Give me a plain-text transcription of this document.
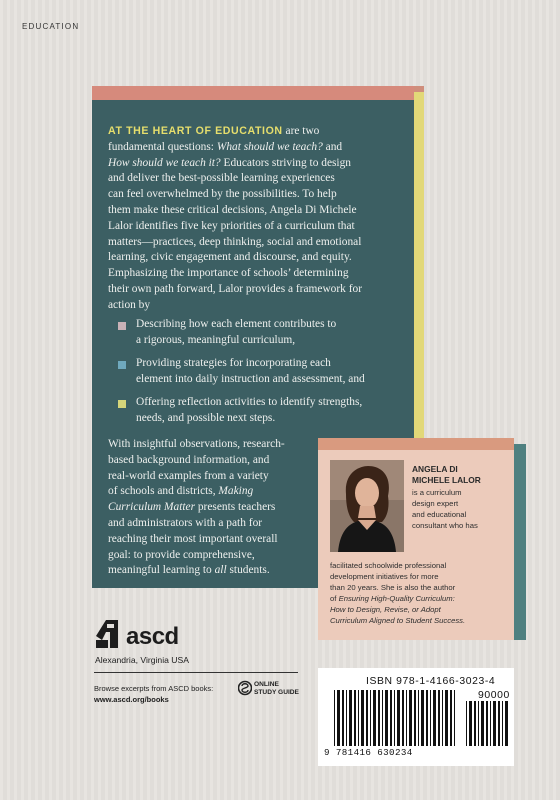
EDUCATION
AT THE HEART OF EDUCATION are two
fundamental questions: What should we teach? and
How should we teach it? Educators striving to design
and deliver the best-possible learning experiences
can feel overwhelmed by the possibilities. To help
them make these critical decisions, Angela Di Michele
Lalor identifies five key priorities of a curriculum that
matters—practices, deep thinking, social and emotional
learning, civic engagement and discourse, and equity.
Emphasizing the importance of schools’ determining
their own path forward, Lalor provides a framework for
action by
Describing how each element contributes to
a rigorous, meaningful curriculum,
Providing strategies for incorporating each
element into daily instruction and assessment, and
Offering reflection activities to identify strengths,
needs, and possible next steps.
With insightful observations, research-
based background information, and
real-world examples from a variety
of schools and districts, Making
Curriculum Matter presents teachers
and administrators with a path for
reaching their most important overall
goal: to provide comprehensive,
meaningful learning to all students.
ANGELA DI
MICHELE LALOR
is a curriculum
design expert
and educational
consultant who has
facilitated schoolwide professional
development initiatives for more
than 20 years. She is also the author
of Ensuring High-Quality Curriculum:
How to Design, Revise, or Adopt
Curriculum Aligned to Student Success.
ascd
Alexandria, Virginia USA
Browse excerpts from ASCD books:
www.ascd.org/books
ONLINE
STUDY GUIDE
ISBN 978-1-4166-3023-4
90000
9 781416 630234
